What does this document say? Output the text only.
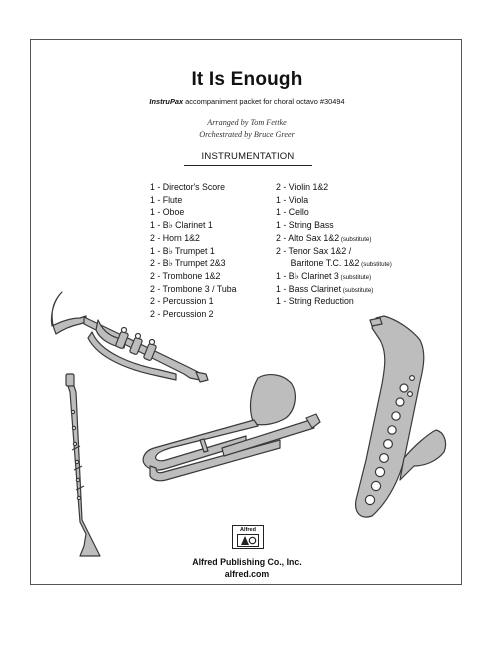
It Is Enough
InstruPax accompaniment packet for choral octavo #30494
Arranged by Tom Fettke
Orchestrated by Bruce Greer
INSTRUMENTATION
1 - Director's Score
1 - Flute
1 - Oboe
1 - B♭ Clarinet 1
2 - Horn 1&2
1 - B♭ Trumpet 1
2 - B♭ Trumpet 2&3
2 - Trombone 1&2
2 - Trombone 3 / Tuba
2 - Percussion 1
2 - Percussion 2
2 - Violin 1&2
1 - Viola
1 - Cello
1 - String Bass
2 - Alto Sax 1&2 (substitute)
2 - Tenor Sax 1&2 /
Baritone T.C. 1&2 (substitute)
1 - B♭ Clarinet 3 (substitute)
1 - Bass Clarinet (substitute)
1 - String Reduction
Alfred
Alfred Publishing Co., Inc.
alfred.com
